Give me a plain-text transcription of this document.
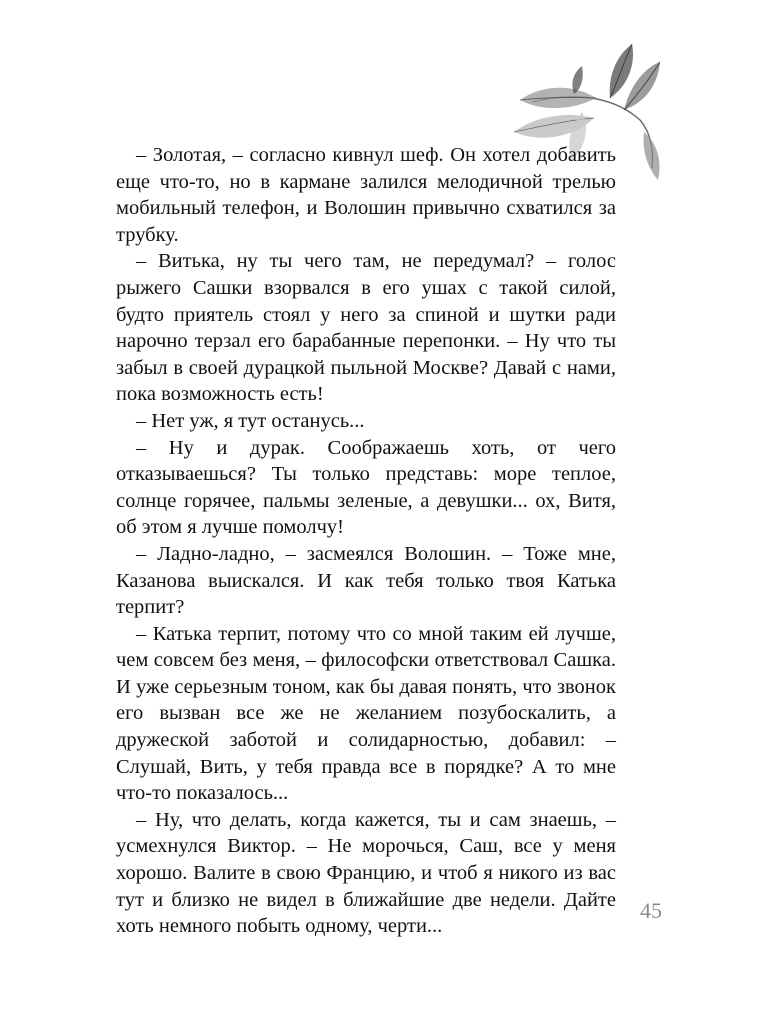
– Золотая, – согласно кивнул шеф. Он хотел добавить еще что-то, но в кармане залился мелодичной трелью мобильный телефон, и Волошин привычно схватился за трубку.

– Витька, ну ты чего там, не передумал? – голос рыжего Сашки взорвался в его ушах с такой силой, будто приятель стоял у него за спиной и шутки ради нарочно терзал его барабанные перепонки. – Ну что ты забыл в своей дурацкой пыльной Москве? Давай с нами, пока возможность есть!

– Нет уж, я тут останусь...

– Ну и дурак. Соображаешь хоть, от чего отказываешься? Ты только представь: море теплое, солнце горячее, пальмы зеленые, а девушки... ох, Витя, об этом я лучше помолчу!

– Ладно-ладно, – засмеялся Волошин. – Тоже мне, Казанова выискался. И как тебя только твоя Катька терпит?

– Катька терпит, потому что со мной таким ей лучше, чем совсем без меня, – философски ответствовал Сашка. И уже серьезным тоном, как бы давая понять, что звонок его вызван все же не желанием позубоскалить, а дружеской заботой и солидарностью, добавил: – Слушай, Вить, у тебя правда все в порядке? А то мне что-то показалось...

– Ну, что делать, когда кажется, ты и сам знаешь, – усмехнулся Виктор. – Не морочься, Саш, все у меня хорошо. Валите в свою Францию, и чтоб я никого из вас тут и близко не видел в ближайшие две недели. Дайте хоть немного побыть одному, черти...

45
